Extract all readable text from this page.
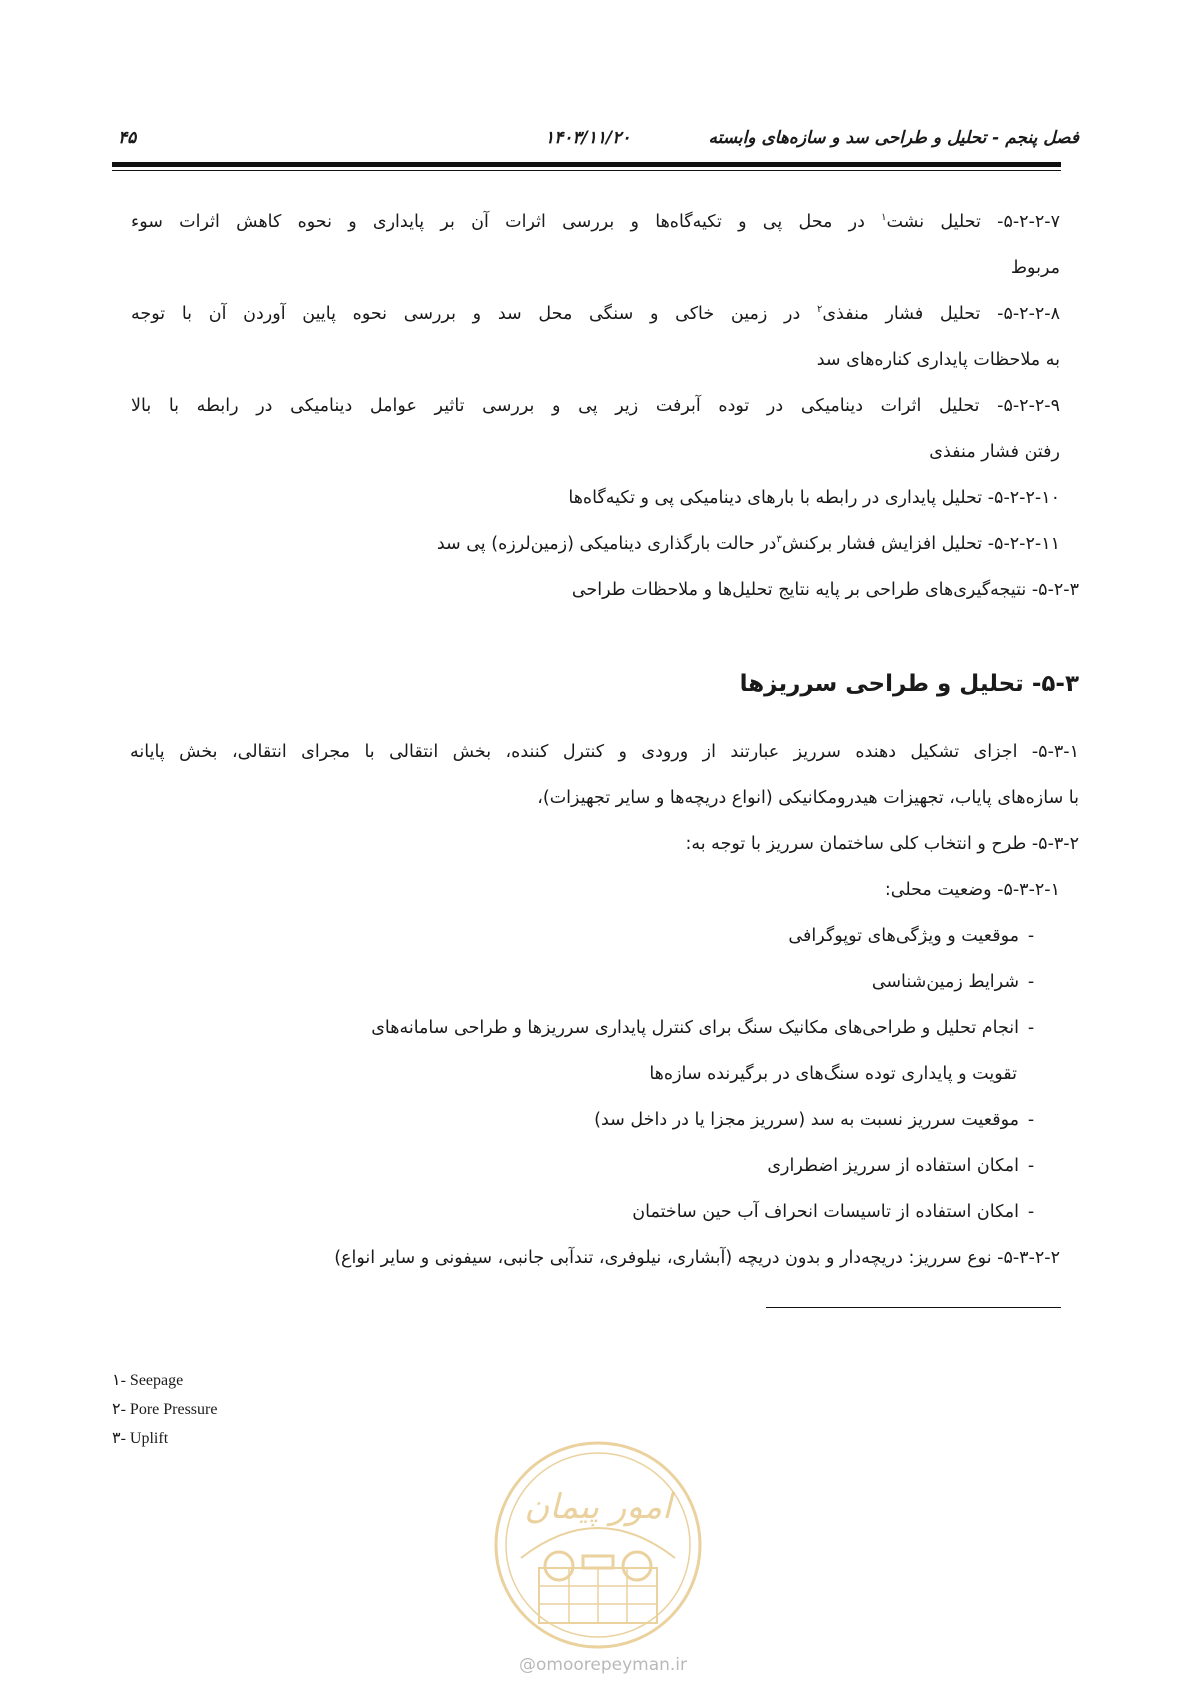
فصل پنجم - تحلیل و طراحی سد و سازه‌های وابسته
۱۴۰۳/۱۱/۲۰
۴۵
۵-۲-۲-۷- تحلیل نشت$^۱$ در محل پی و تکیه‌گاه‌ها و بررسی اثرات آن بر پایداری و نحوه کاهش اثرات سوء
مربوط
۵-۲-۲-۸- تحلیل فشار منفذی$^۲$ در زمین خاکی و سنگی محل سد و بررسی نحوه پایین آوردن آن با توجه
به ملاحظات پایداری کناره‌های سد
۵-۲-۲-۹- تحلیل اثرات دینامیکی در توده آبرفت زیر پی و بررسی تاثیر عوامل دینامیکی در رابطه با بالا
رفتن فشار منفذی
۵-۲-۲-۱۰- تحلیل پایداری در رابطه با بارهای دینامیکی پی و تکیه‌گاه‌ها
۵-۲-۲-۱۱- تحلیل افزایش فشار برکنش$^۳$در حالت بارگذاری دینامیکی (زمین‌لرزه) پی سد
۵-۲-۳- نتیجه‌گیری‌های طراحی بر پایه نتایج تحلیل‌ها و ملاحظات طراحی
۵-۳- تحلیل و طراحی سرریزها
۵-۳-۱- اجزای تشکیل دهنده سرریز عبارتند از ورودی و کنترل کننده، بخش انتقالی با مجرای انتقالی، بخش پایانه
با سازه‌های پایاب، تجهیزات هیدرومکانیکی (انواع دریچه‌ها و سایر تجهیزات)،
۵-۳-۲- طرح و انتخاب کلی ساختمان سرریز با توجه به:
۵-۳-۲-۱- وضعیت محلی:
-موقعیت و ویژگی‌های توپوگرافی
-شرایط زمین‌شناسی
-انجام تحلیل و طراحی‌های مکانیک سنگ برای کنترل پایداری سرریزها و طراحی سامانه‌های
تقویت و پایداری توده سنگ‌های در برگیرنده سازه‌ها
-موقعیت سرریز نسبت به سد (سرریز مجزا یا در داخل سد)
-امکان استفاده از سرریز اضطراری
-امکان استفاده از تاسیسات انحراف آب حین ساختمان
۵-۳-۲-۲- نوع سرریز: دریچه‌دار و بدون دریچه (آبشاری، نیلوفری، تندآبی جانبی، سیفونی و سایر انواع)
۱- Seepage
۲- Pore Pressure
۳- Uplift
امور پیمان
@omoorepeyman.ir
